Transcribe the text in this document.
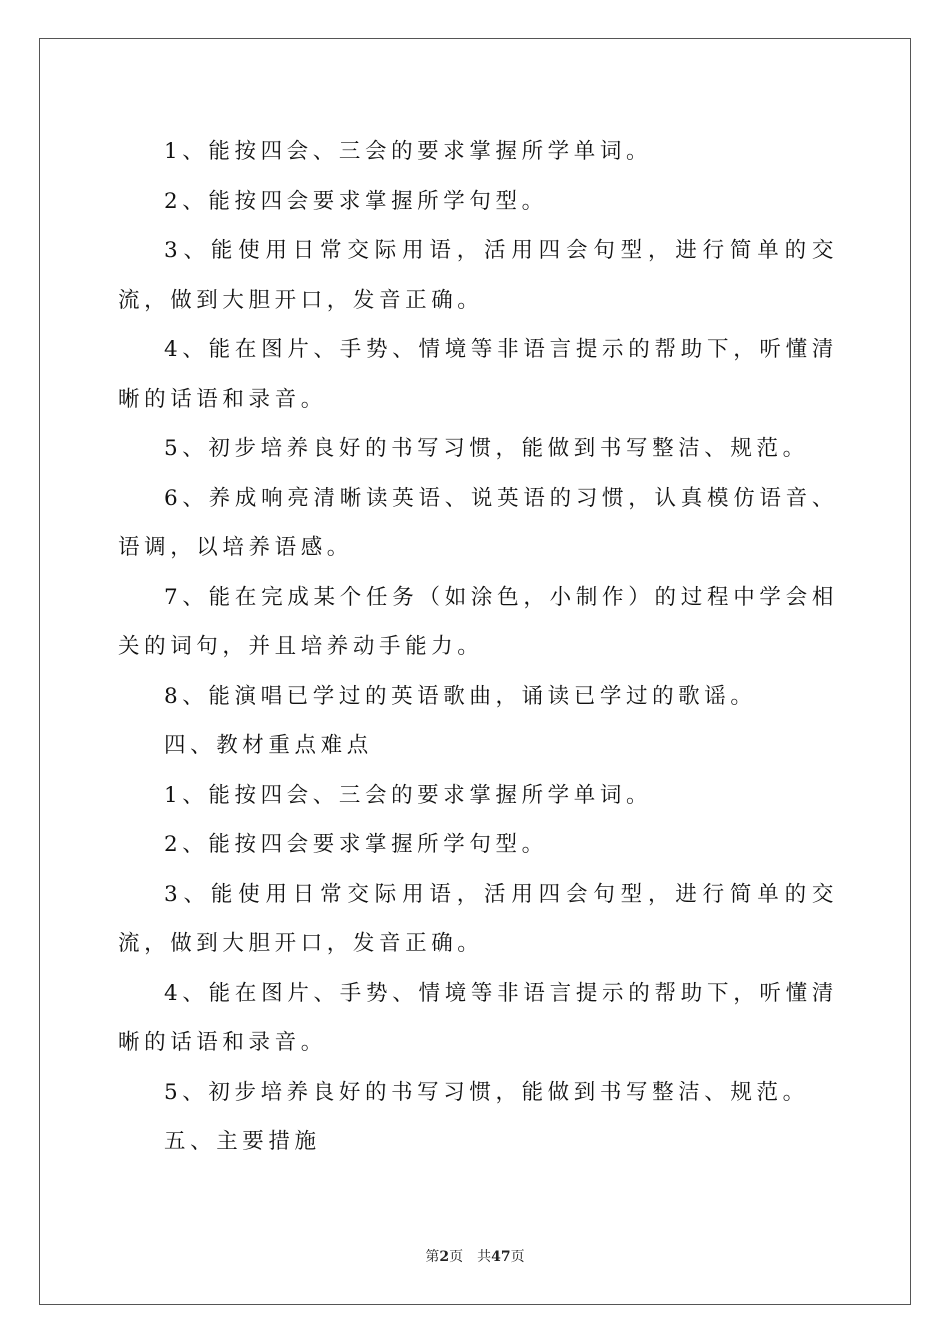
1、能按四会、三会的要求掌握所学单词。

2、能按四会要求掌握所学句型。

3、能使用日常交际用语，活用四会句型，进行简单的交流，做到大胆开口，发音正确。

4、能在图片、手势、情境等非语言提示的帮助下，听懂清晰的话语和录音。

5、初步培养良好的书写习惯，能做到书写整洁、规范。

6、养成响亮清晰读英语、说英语的习惯，认真模仿语音、语调，以培养语感。

7、能在完成某个任务（如涂色，小制作）的过程中学会相关的词句，并且培养动手能力。

8、能演唱已学过的英语歌曲，诵读已学过的歌谣。

四、教材重点难点

1、能按四会、三会的要求掌握所学单词。

2、能按四会要求掌握所学句型。

3、能使用日常交际用语，活用四会句型，进行简单的交流，做到大胆开口，发音正确。

4、能在图片、手势、情境等非语言提示的帮助下，听懂清晰的话语和录音。

5、初步培养良好的书写习惯，能做到书写整洁、规范。

五、主要措施

第2页 共47页
